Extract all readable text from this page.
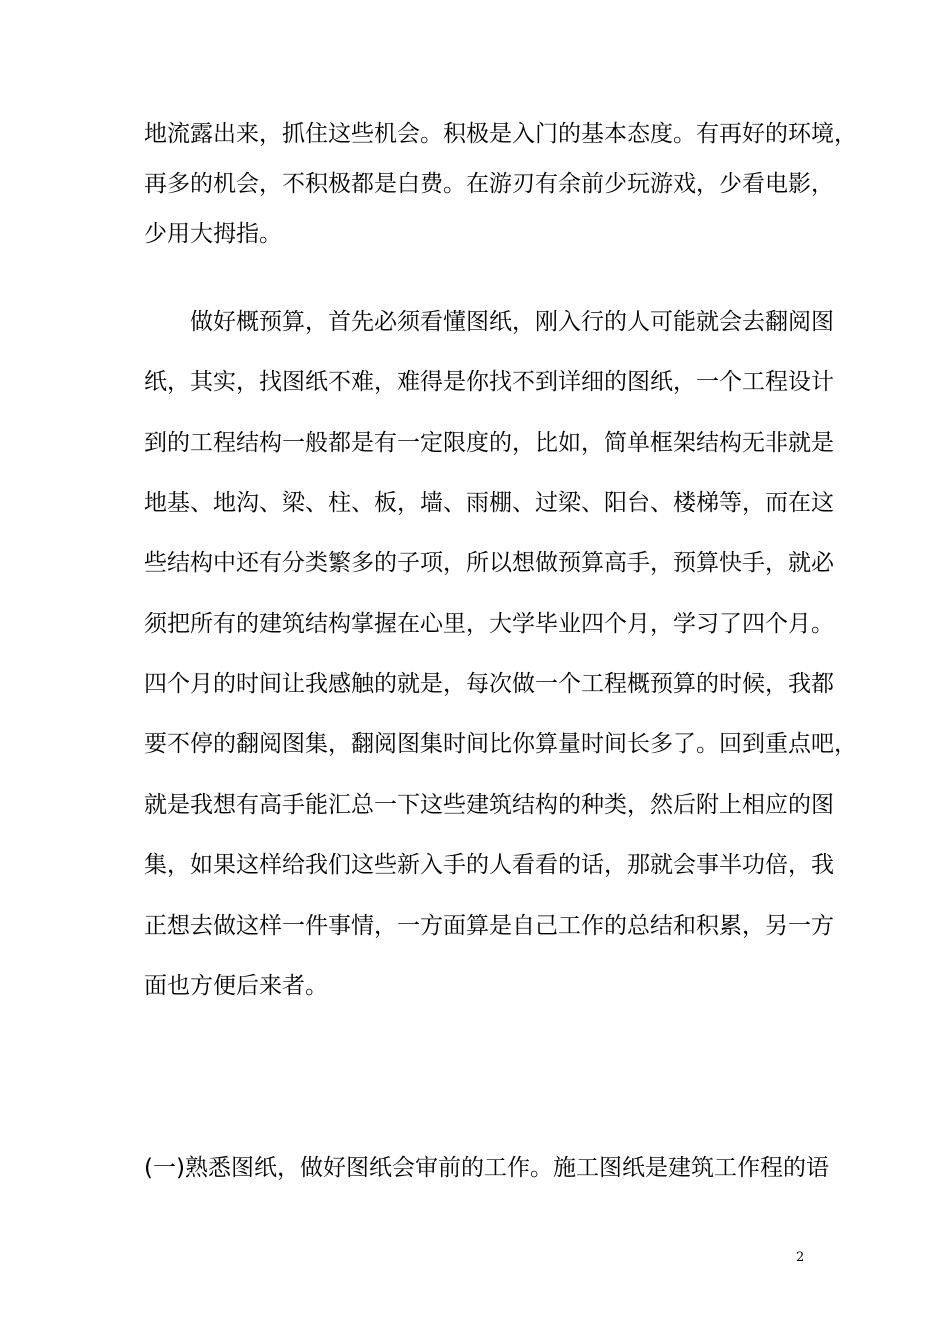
地流露出来，抓住这些机会。积极是入门的基本态度。有再好的环境，
再多的机会，不积极都是白费。在游刃有余前少玩游戏，少看电影，
少用大拇指。
做好概预算，首先必须看懂图纸，刚入行的人可能就会去翻阅图
纸，其实，找图纸不难，难得是你找不到详细的图纸，一个工程设计
到的工程结构一般都是有一定限度的，比如，简单框架结构无非就是
地基、地沟、梁、柱、板，墙、雨棚、过梁、阳台、楼梯等，而在这
些结构中还有分类繁多的子项，所以想做预算高手，预算快手，就必
须把所有的建筑结构掌握在心里，大学毕业四个月，学习了四个月。
四个月的时间让我感触的就是，每次做一个工程概预算的时候，我都
要不停的翻阅图集，翻阅图集时间比你算量时间长多了。回到重点吧，
就是我想有高手能汇总一下这些建筑结构的种类，然后附上相应的图
集，如果这样给我们这些新入手的人看看的话，那就会事半功倍，我
正想去做这样一件事情，一方面算是自己工作的总结和积累，另一方
面也方便后来者。
(一)熟悉图纸，做好图纸会审前的工作。施工图纸是建筑工作程的语
2
